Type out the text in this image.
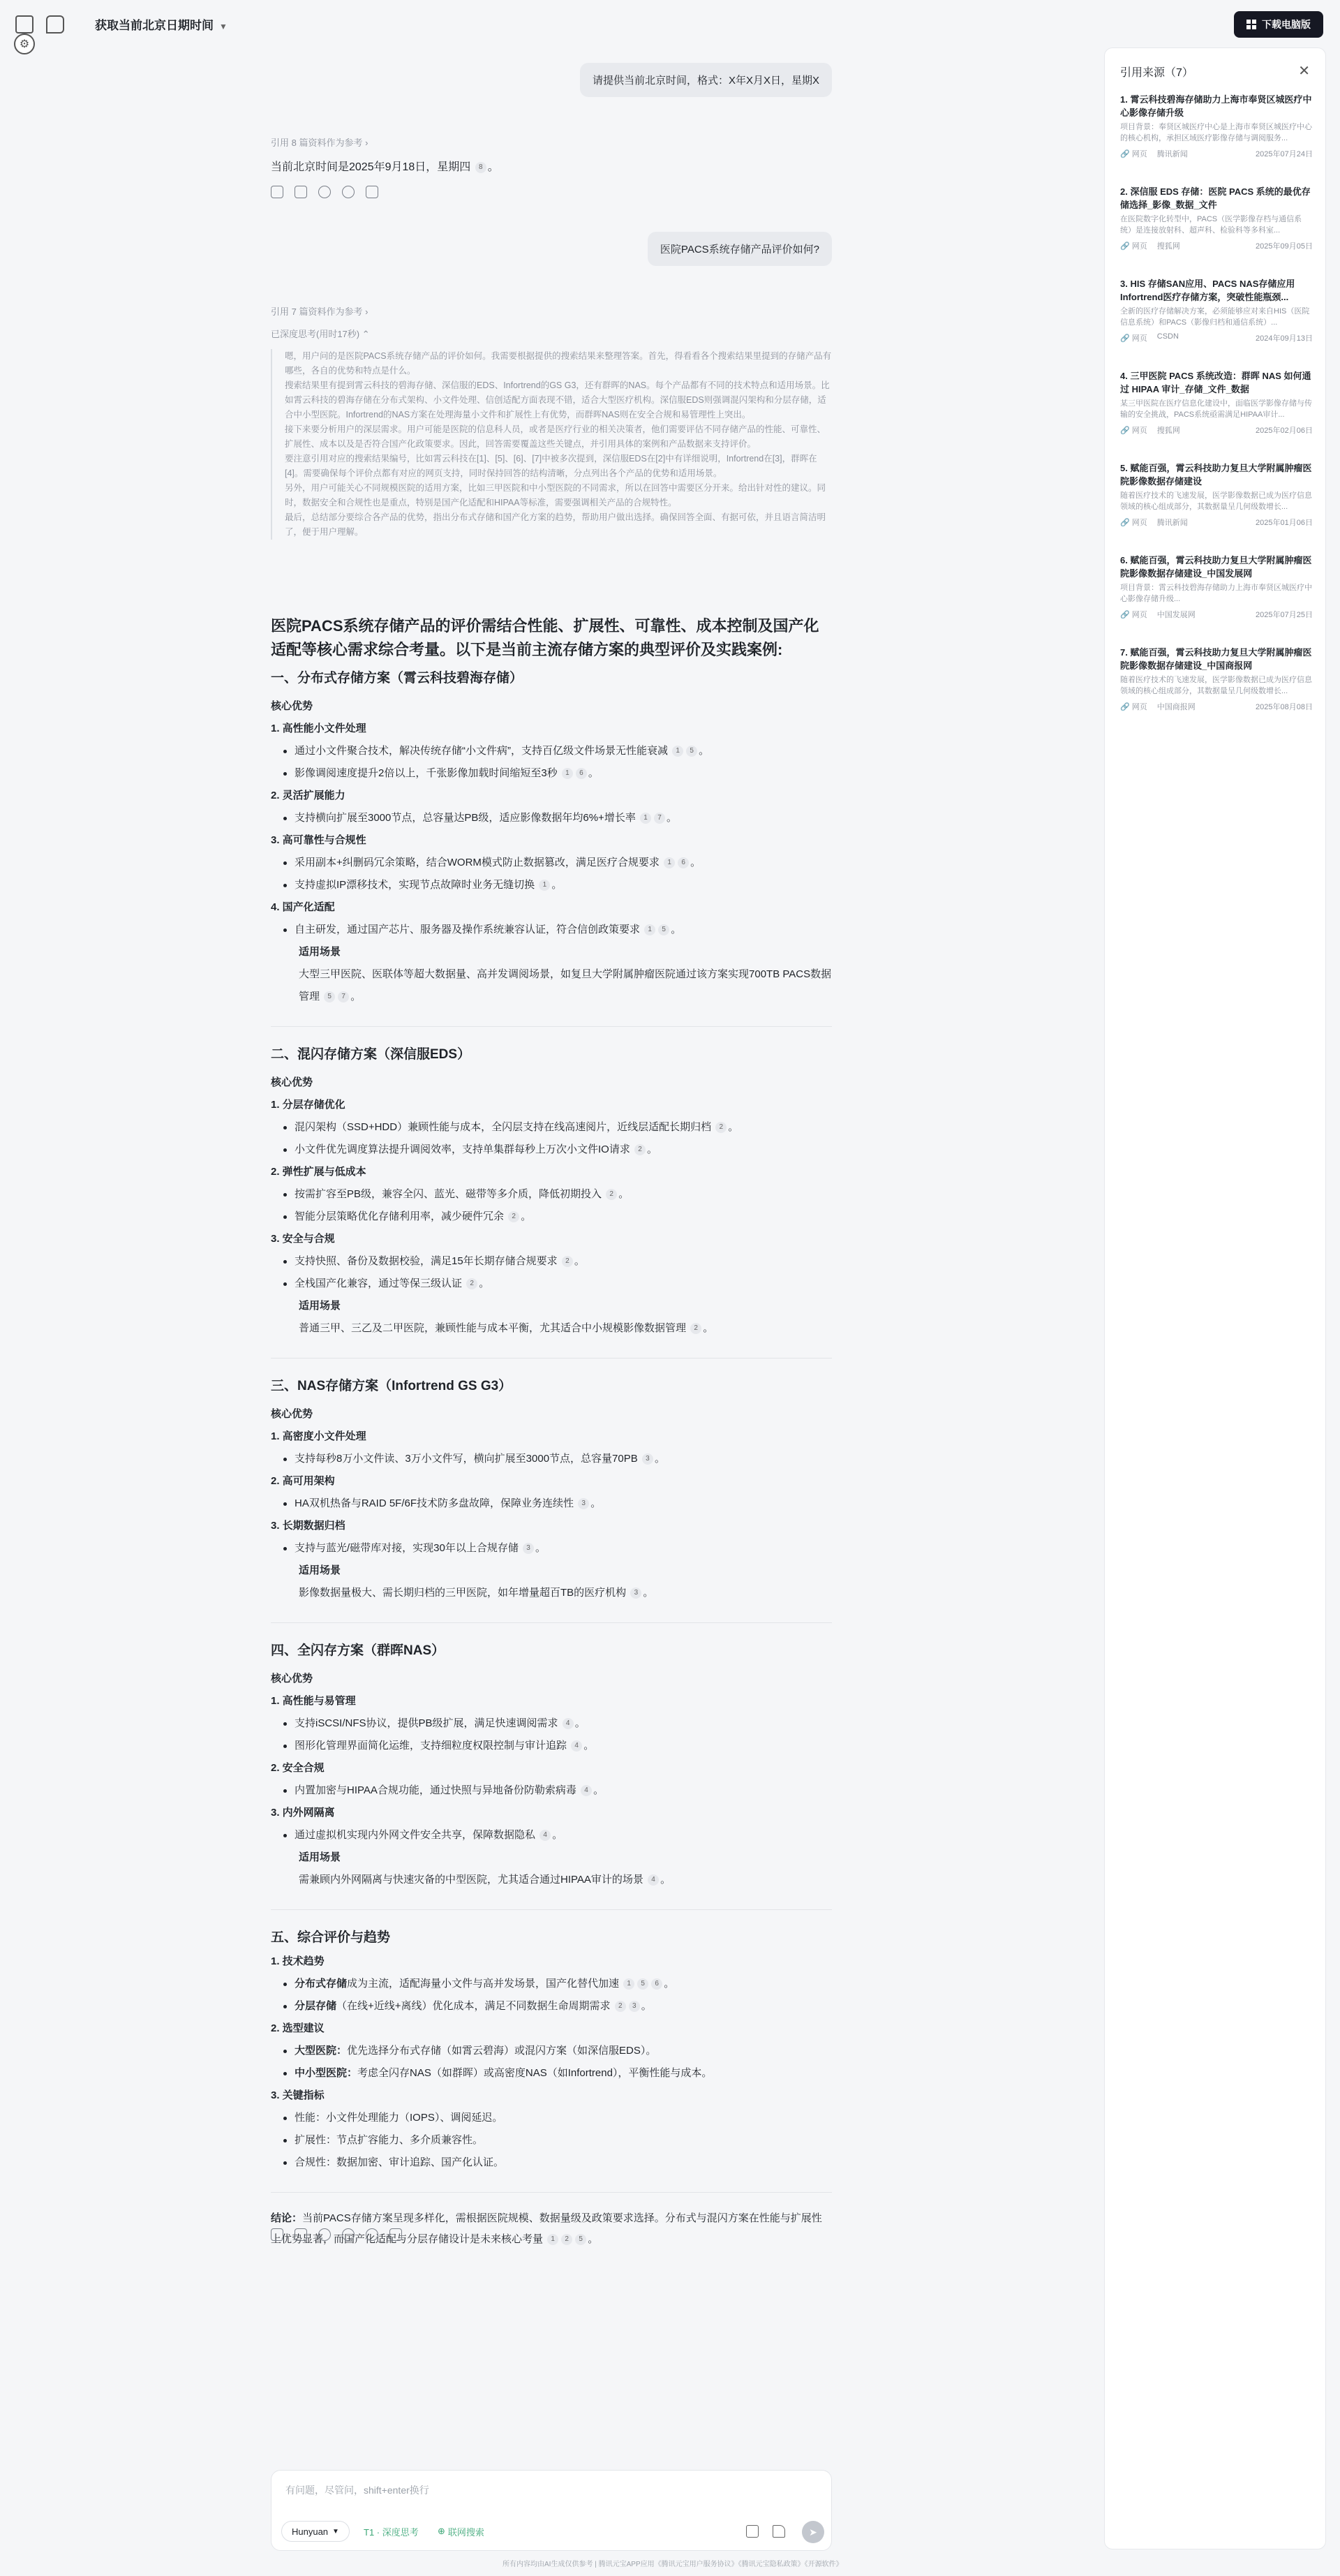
获取当前北京日期时间 ▼	下载电脑版
⚙
请提供当前北京时间，格式：X年X月X日，星期X
引用 8 篇资料作为参考 ›
当前北京时间是2025年9月18日，星期四 8 。
医院PACS系统存储产品评价如何?
引用 7 篇资料作为参考 ›
已深度思考(用时17秒) ⌃

嗯，用户问的是医院PACS系统存储产品的评价如何。我需要根据提供的搜索结果来整理答案。首先，得看看各个搜索结果里提到的存储产品有哪些，各自的优势和特点是什么。

搜索结果里有提到霄云科技的碧海存储、深信服的EDS、Infortrend的GS G3，还有群晖的NAS。每个产品都有不同的技术特点和适用场景。比如霄云科技的碧海存储在分布式架构、小文件处理、信创适配方面表现不错，适合大型医疗机构。深信服EDS则强调混闪架构和分层存储，适合中小型医院。Infortrend的NAS方案在处理海量小文件和扩展性上有优势，而群晖NAS则在安全合规和易管理性上突出。

接下来要分析用户的深层需求。用户可能是医院的信息科人员，或者是医疗行业的相关决策者，他们需要评估不同存储产品的性能、可靠性、扩展性、成本以及是否符合国产化政策要求。因此，回答需要覆盖这些关键点，并引用具体的案例和产品数据来支持评价。

要注意引用对应的搜索结果编号，比如霄云科技在[1]、[5]、[6]、[7]中被多次提到，深信服EDS在[2]中有详细说明，Infortrend在[3]，群晖在[4]。需要确保每个评价点都有对应的网页支持，同时保持回答的结构清晰，分点列出各个产品的优势和适用场景。

另外，用户可能关心不同规模医院的适用方案，比如三甲医院和中小型医院的不同需求，所以在回答中需要区分开来。给出针对性的建议。同时，数据安全和合规性也是重点，特别是国产化适配和HIPAA等标准，需要强调相关产品的合规特性。

最后，总结部分要综合各产品的优势，指出分布式存储和国产化方案的趋势，帮助用户做出选择。确保回答全面、有据可依，并且语言简洁明了，便于用户理解。

医院PACS系统存储产品的评价需结合性能、扩展性、可靠性、成本控制及国产化适配等核心需求综合考量。以下是当前主流存储方案的典型评价及实践案例:
一、分布式存储方案（霄云科技碧海存储）
核心优势
1. 高性能小文件处理
通过小文件聚合技术，解决传统存储“小文件病”，支持百亿级文件场景无性能衰减 1 5 。
影像调阅速度提升2倍以上，千张影像加载时间缩短至3秒 1 6 。
2. 灵活扩展能力
支持横向扩展至3000节点，总容量达PB级，适应影像数据年均6%+增长率 1 7 。
3. 高可靠性与合规性
采用副本+纠删码冗余策略，结合WORM模式防止数据篡改，满足医疗合规要求 1 6 。
支持虚拟IP漂移技术，实现节点故障时业务无缝切换 1 。
4. 国产化适配
自主研发，通过国产芯片、服务器及操作系统兼容认证，符合信创政策要求 1 5 。
适用场景
大型三甲医院、医联体等超大数据量、高并发调阅场景，如复旦大学附属肿瘤医院通过该方案实现700TB PACS数据管理 5 7 。
二、混闪存储方案（深信服EDS）
核心优势
1. 分层存储优化
混闪架构（SSD+HDD）兼顾性能与成本，全闪层支持在线高速阅片，近线层适配长期归档 2 。
小文件优先调度算法提升调阅效率，支持单集群每秒上万次小文件IO请求 2 。
2. 弹性扩展与低成本
按需扩容至PB级，兼容全闪、蓝光、磁带等多介质，降低初期投入 2 。
智能分层策略优化存储利用率，减少硬件冗余 2 。
3. 安全与合规
支持快照、备份及数据校验，满足15年长期存储合规要求 2 。
全栈国产化兼容，通过等保三级认证 2 。
适用场景
普通三甲、三乙及二甲医院，兼顾性能与成本平衡，尤其适合中小规模影像数据管理 2 。
三、NAS存储方案（Infortrend GS G3）
核心优势
1. 高密度小文件处理
支持每秒8万小文件读、3万小文件写，横向扩展至3000节点，总容量70PB 3 。
2. 高可用架构
HA双机热备与RAID 5F/6F技术防多盘故障，保障业务连续性 3 。
3. 长期数据归档
支持与蓝光/磁带库对接，实现30年以上合规存储 3 。
适用场景
影像数据量极大、需长期归档的三甲医院，如年增量超百TB的医疗机构 3 。
四、全闪存方案（群晖NAS）
核心优势
1. 高性能与易管理
支持iSCSI/NFS协议，提供PB级扩展，满足快速调阅需求 4 。
图形化管理界面简化运维，支持细粒度权限控制与审计追踪 4 。
2. 安全合规
内置加密与HIPAA合规功能，通过快照与异地备份防勒索病毒 4 。
3. 内外网隔离
通过虚拟机实现内外网文件安全共享，保障数据隐私 4 。
适用场景
需兼顾内外网隔离与快速灾备的中型医院，尤其适合通过HIPAA审计的场景 4 。
五、综合评价与趋势
1. 技术趋势
分布式存储成为主流，适配海量小文件与高并发场景，国产化替代加速 1 5 6 。
分层存储（在线+近线+离线）优化成本，满足不同数据生命周期需求 2 3 。
2. 选型建议
大型医院：优先选择分布式存储（如霄云碧海）或混闪方案（如深信服EDS）。
中小型医院：考虑全闪存NAS（如群晖）或高密度NAS（如Infortrend），平衡性能与成本。
3. 关键指标
性能：小文件处理能力（IOPS）、调阅延迟。
扩展性：节点扩容能力、多介质兼容性。
合规性：数据加密、审计追踪、国产化认证。
结论：当前PACS存储方案呈现多样化，需根据医院规模、数据量级及政策要求选择。分布式与混闪方案在性能与扩展性上优势显著，而国产化适配与分层存储设计是未来核心考量 1 2 5 。
有问题，尽管问，shift+enter换行
Hunyuan ▼	T1 · 深度思考	⊕ 联网搜索	➤
所有内容均由AI生成仅供参考 | 腾讯元宝APP应用《腾讯元宝用户服务协议》《腾讯元宝隐私政策》《开源软件》
引用来源（7）	✕
1. 霄云科技碧海存储助力上海市奉贤区城医疗中心影像存储升级
项目背景：奉贤区城医疗中心是上海市奉贤区城医疗中心的核心机构，承担区域医疗影像存储与调阅服务...
🔗 网页 腾讯新闻	2025年07月24日
2. 深信服 EDS 存储：医院 PACS 系统的最优存储选择_影像_数据_文件
在医院数字化转型中，PACS（医学影像存档与通信系统）是连接放射科、超声科、检验科等多科室...
🔗 网页 搜狐网	2025年09月05日
3. HIS 存储SAN应用、PACS NAS存储应用 Infortrend医疗存储方案，突破性能瓶颈...
全新的医疗存储解决方案，必须能够应对来自HIS（医院信息系统）和PACS（影像归档和通信系统）...
🔗 网页 CSDN	2024年09月13日
4. 三甲医院 PACS 系统改造：群晖 NAS 如何通过 HIPAA 审计_存储_文件_数据
某三甲医院在医疗信息化建设中，面临医学影像存储与传输的安全挑战，PACS系统亟需满足HIPAA审计...
🔗 网页 搜狐网	2025年02月06日
5. 赋能百强，霄云科技助力复旦大学附属肿瘤医院影像数据存储建设
随着医疗技术的飞速发展，医学影像数据已成为医疗信息领域的核心组成部分，其数据量呈几何级数增长...
🔗 网页 腾讯新闻	2025年01月06日
6. 赋能百强，霄云科技助力复旦大学附属肿瘤医院影像数据存储建设_中国发展网
项目背景：霄云科技碧海存储助力上海市奉贤区城医疗中心影像存储升级...
🔗 网页 中国发展网	2025年07月25日
7. 赋能百强，霄云科技助力复旦大学附属肿瘤医院影像数据存储建设_中国商报网
随着医疗技术的飞速发展，医学影像数据已成为医疗信息领域的核心组成部分，其数据量呈几何级数增长...
🔗 网页 中国商报网	2025年08月08日
